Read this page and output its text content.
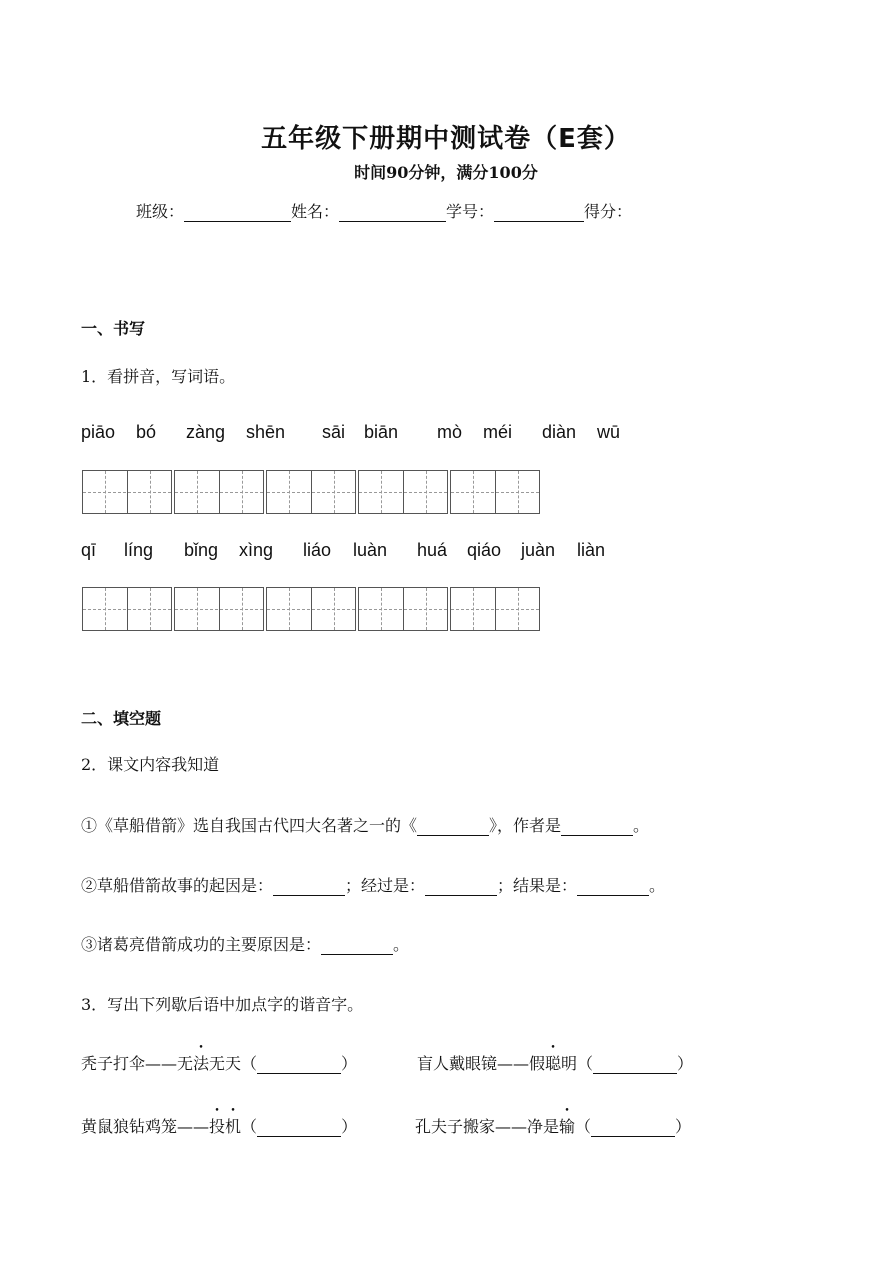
五年级下册期中测试卷（E套）
时间90分钟，满分100分
班级：	姓名：	学号：	得分：
一、书写
1．看拼音，写词语。
piāo bó zàng shēn sāi biān mò méi diàn wū
qī líng bǐng xìng liáo luàn huá qiáo juàn liàn
二、填空题
2．课文内容我知道
①《草船借箭》选自我国古代四大名著之一的《	》，作者是	。
②草船借箭故事的起因是：	；经过是：	；结果是：	。
③诸葛亮借箭成功的主要原因是：	。
3．写出下列歇后语中加点字的谐音字。
秃子打伞——无法无天（	）	盲人戴眼镜——假聪明（	）
黄鼠狼钻鸡笼——投机（	）	孔夫子搬家——净是输（	）
